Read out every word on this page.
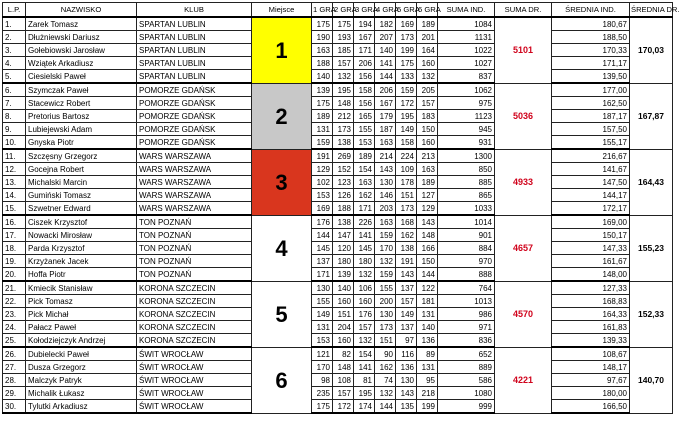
L.P.	NAZWISKO	KLUB	Miejsce	1 GRA	2 GRA	3 GRA	4 GRA	5 GRA	6 GRA	SUMA IND.	SUMA DR.	ŚREDNIA IND.	ŚREDNIA DR.
1.	Zarek Tomasz	SPARTAN LUBLIN	1	175	175	194	182	169	189	1084	5101	180,67	170,03
2.	Dłużniewski Dariusz	SPARTAN LUBLIN		190	193	167	207	173	201	1131		188,50	
3.	Gołebiowski Jarosław	SPARTAN LUBLIN		163	185	171	140	199	164	1022		170,33	
4.	Wziątek Arkadiusz	SPARTAN LUBLIN		188	157	206	141	175	160	1027		171,17	
5.	Ciesielski Paweł	SPARTAN LUBLIN		140	132	156	144	133	132	837		139,50	
6.	Szymczak Paweł	POMORZE GDAŃSK	2	139	195	158	206	159	205	1062	5036	177,00	167,87
7.	Stacewicz Robert	POMORZE GDAŃSK		175	148	156	167	172	157	975		162,50	
8.	Pretorius Bartosz	POMORZE GDAŃSK		189	212	165	179	195	183	1123		187,17	
9.	Lubiejewski Adam	POMORZE GDAŃSK		131	173	155	187	149	150	945		157,50	
10.	Gnyska Piotr	POMORZE GDAŃSK		159	138	153	163	158	160	931		155,17	
11.	Szczęsny Grzegorz	WARS WARSZAWA	3	191	269	189	214	224	213	1300	4933	216,67	164,43
12.	Gocejna Robert	WARS WARSZAWA		129	152	154	143	109	163	850		141,67	
13.	Michalski Marcin	WARS WARSZAWA		102	123	163	130	178	189	885		147,50	
14.	Gumiński Tomasz	WARS WARSZAWA		153	126	162	146	151	127	865		144,17	
15.	Szwetner Edward	WARS WARSZAWA		169	188	171	203	173	129	1033		172,17	
16.	Ciszek Krzysztof	TON POZNAŃ	4	176	138	226	163	168	143	1014	4657	169,00	155,23
17.	Nowacki Mirosław	TON POZNAŃ		144	147	141	159	162	148	901		150,17	
18.	Parda Krzysztof	TON POZNAŃ		145	120	145	170	138	166	884		147,33	
19.	Krzyżanek Jacek	TON POZNAŃ		137	180	180	132	191	150	970		161,67	
20.	Hoffa Piotr	TON POZNAŃ		171	139	132	159	143	144	888		148,00	
21.	Kmiecik Stanisław	KORONA SZCZECIN	5	130	140	106	155	137	122	764	4570	127,33	152,33
22.	Pick Tomasz	KORONA SZCZECIN		155	160	160	200	157	181	1013		168,83	
23.	Pick Michał	KORONA SZCZECIN		149	151	176	130	149	131	986		164,33	
24.	Pałacz Paweł	KORONA SZCZECIN		131	204	157	173	137	140	971		161,83	
25.	Kołodziejczyk Andrzej	KORONA SZCZECIN		153	160	132	151	97	136	836		139,33	
26.	Dubielecki Paweł	ŚWIT WROCŁAW	6	121	82	154	90	116	89	652	4221	108,67	140,70
27.	Dusza Grzegorz	ŚWIT WROCŁAW		170	148	141	162	136	131	889		148,17	
28.	Malczyk Patryk	ŚWIT WROCŁAW		98	108	81	74	130	95	586		97,67	
29.	Michalik Łukasz	ŚWIT WROCŁAW		235	157	195	132	143	218	1080		180,00	
30.	Tylutki Arkadiusz	ŚWIT WROCŁAW		175	172	174	144	135	199	999		166,50	
